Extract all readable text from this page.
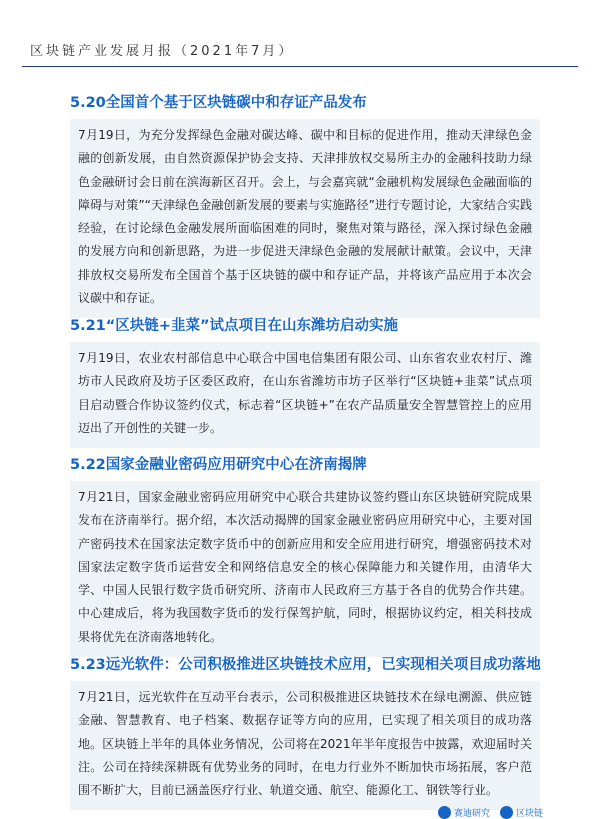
区块链产业发展月报（2021年7月）
5.20全国首个基于区块链碳中和存证产品发布

7月19日，为充分发挥绿色金融对碳达峰、碳中和目标的促进作用，推动天津绿色金融的创新发展，由自然资源保护协会支持、天津排放权交易所主办的金融科技助力绿色金融研讨会日前在滨海新区召开。会上，与会嘉宾就“金融机构发展绿色金融面临的障碍与对策”“天津绿色金融创新发展的要素与实施路径”进行专题讨论，大家结合实践经验，在讨论绿色金融发展所面临困难的同时，聚焦对策与路径，深入探讨绿色金融的发展方向和创新思路，为进一步促进天津绿色金融的发展献计献策。会议中，天津排放权交易所发布全国首个基于区块链的碳中和存证产品，并将该产品应用于本次会议碳中和存证。

5.21“区块链+韭菜”试点项目在山东潍坊启动实施

7月19日，农业农村部信息中心联合中国电信集团有限公司、山东省农业农村厅、潍坊市人民政府及坊子区委区政府，在山东省潍坊市坊子区举行“区块链+韭菜”试点项目启动暨合作协议签约仪式，标志着“区块链+”在农产品质量安全智慧管控上的应用迈出了开创性的关键一步。

5.22国家金融业密码应用研究中心在济南揭牌

7月21日，国家金融业密码应用研究中心联合共建协议签约暨山东区块链研究院成果发布在济南举行。据介绍，本次活动揭牌的国家金融业密码应用研究中心，主要对国产密码技术在国家法定数字货币中的创新应用和安全应用进行研究，增强密码技术对国家法定数字货币运营安全和网络信息安全的核心保障能力和关键作用，由清华大学、中国人民银行数字货币研究所、济南市人民政府三方基于各自的优势合作共建。中心建成后，将为我国数字货币的发行保驾护航，同时，根据协议约定，相关科技成果将优先在济南落地转化。

5.23远光软件：公司积极推进区块链技术应用，已实现相关项目成功落地

7月21日，远光软件在互动平台表示，公司积极推进区块链技术在绿电溯源、供应链金融、智慧教育、电子档案、数据存证等方向的应用，已实现了相关项目的成功落地。区块链上半年的具体业务情况，公司将在2021年半年度报告中披露，欢迎届时关注。公司在持续深耕既有优势业务的同时，在电力行业外不断加快市场拓展，客户范围不断扩大，目前已涵盖医疗行业、轨道交通、航空、能源化工、钢铁等行业。

赛迪研究	区块链
